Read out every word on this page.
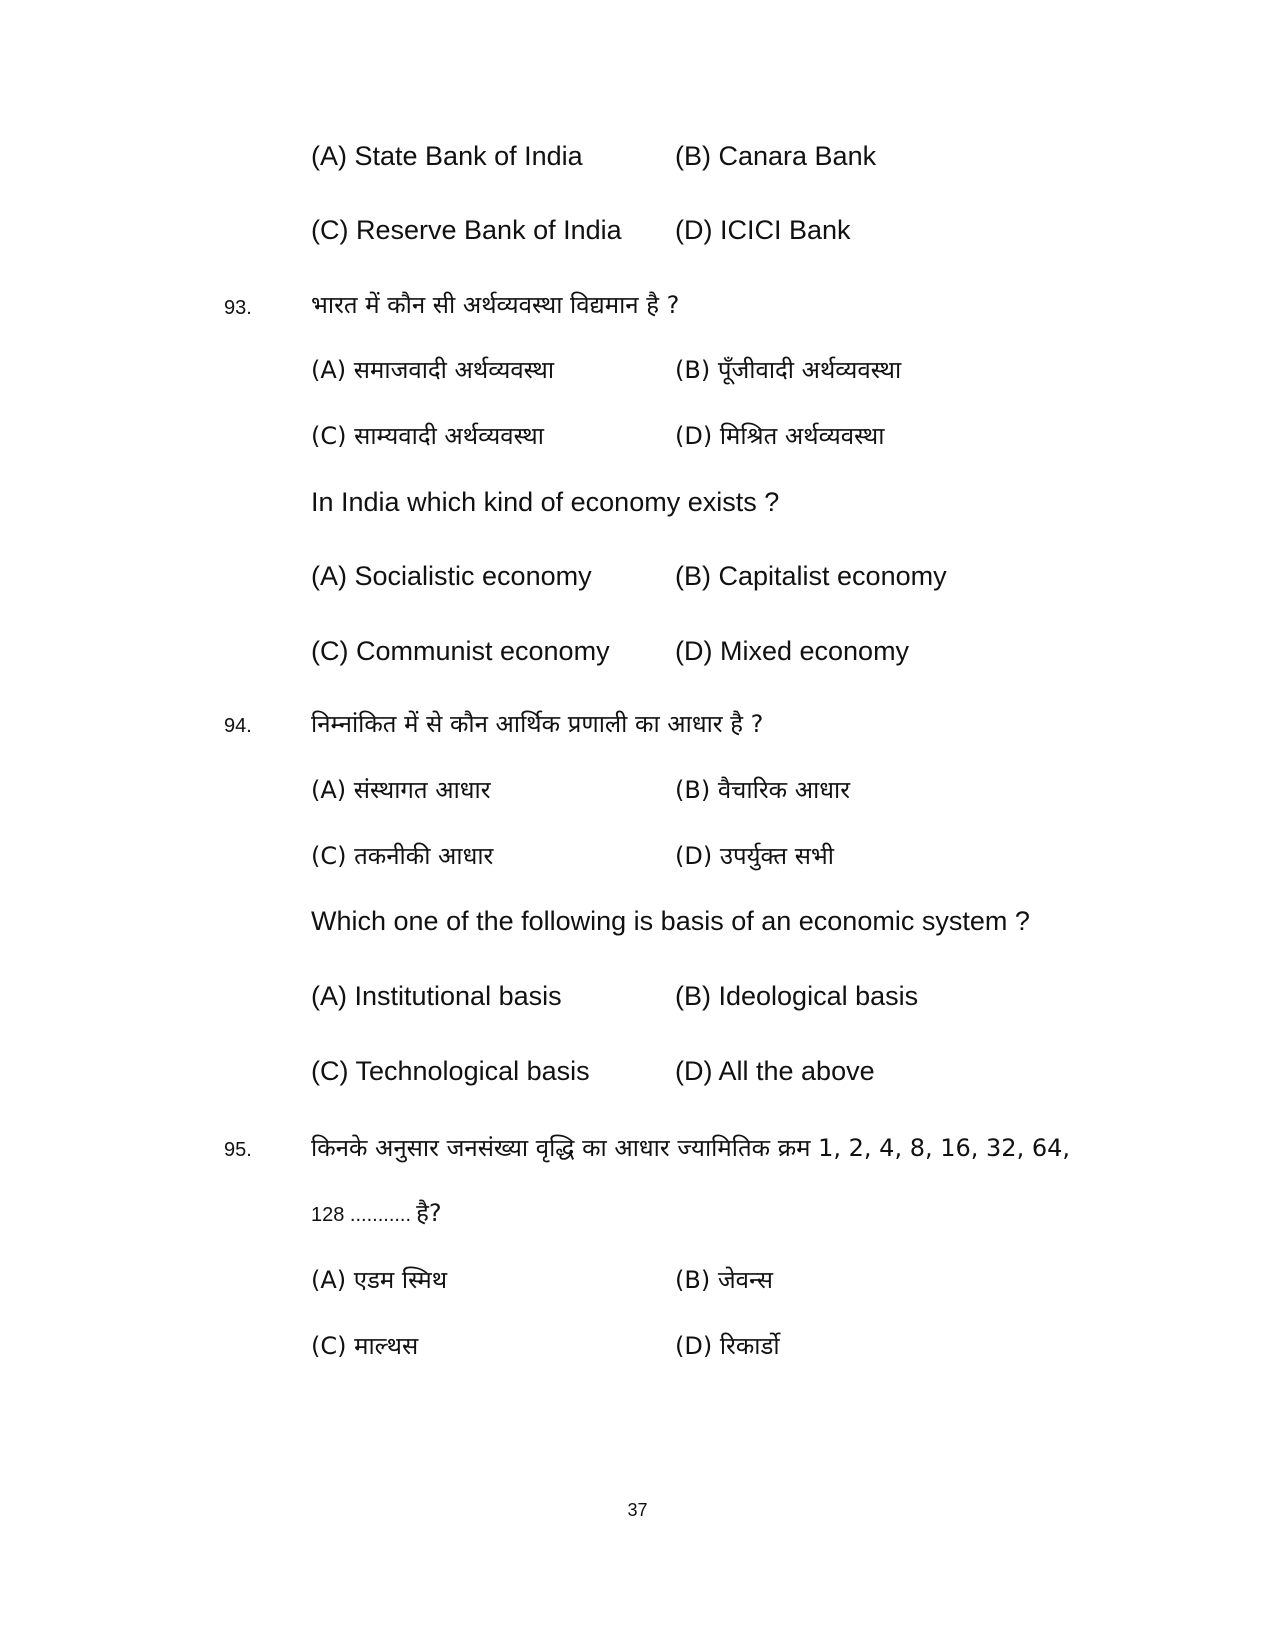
(A) State Bank of India	(B) Canara Bank
(C) Reserve Bank of India (D) ICICI Bank
93. भारत में कौन सी अर्थव्यवस्था विद्यमान है ?
(A) समाजवादी अर्थव्यवस्था	(B) पूँजीवादी अर्थव्यवस्था
(C) साम्यवादी अर्थव्यवस्था	(D) मिश्रित अर्थव्यवस्था
In India which kind of economy exists ?
(A) Socialistic economy	(B) Capitalist economy
(C) Communist economy (D) Mixed economy
94. निम्नांकित में से कौन आर्थिक प्रणाली का आधार है ?
(A) संस्थागत आधार	(B) वैचारिक आधार
(C) तकनीकी आधार	(D) उपर्युक्त सभी
Which one of the following is basis of an economic system ?
(A) Institutional basis	(B) Ideological basis
(C) Technological basis	(D) All the above
95. किनके अनुसार जनसंख्या वृद्धि का आधार ज्यामितिक क्रम 1, 2, 4, 8, 16, 32, 64,
128 ........... है?
(A) एडम स्मिथ	(B) जेवन्स
(C) माल्थस	(D) रिकार्डो
37
